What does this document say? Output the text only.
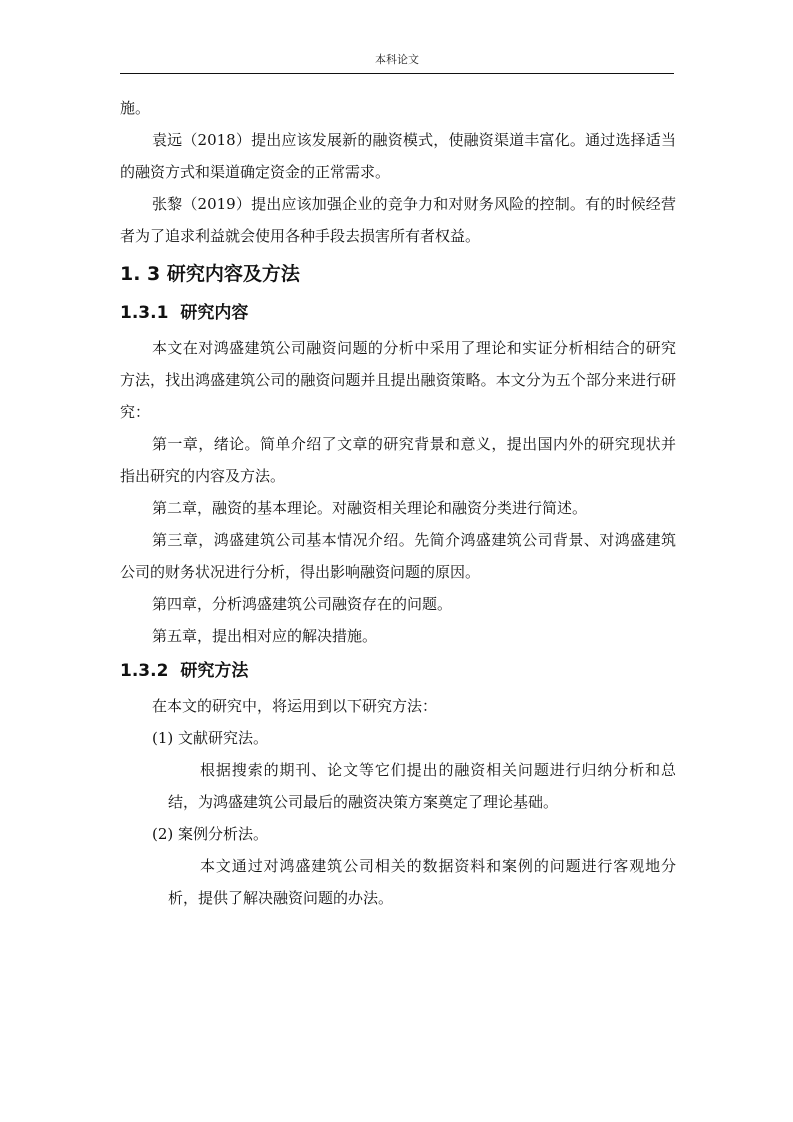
本科论文

施。

袁远（2018）提出应该发展新的融资模式，使融资渠道丰富化。通过选择适当的融资方式和渠道确定资金的正常需求。

张黎（2019）提出应该加强企业的竞争力和对财务风险的控制。有的时候经营者为了追求利益就会使用各种手段去损害所有者权益。

1. 3 研究内容及方法
1.3.1 研究内容

本文在对鸿盛建筑公司融资问题的分析中采用了理论和实证分析相结合的研究方法，找出鸿盛建筑公司的融资问题并且提出融资策略。本文分为五个部分来进行研究：

第一章，绪论。简单介绍了文章的研究背景和意义，提出国内外的研究现状并指出研究的内容及方法。

第二章，融资的基本理论。对融资相关理论和融资分类进行简述。

第三章，鸿盛建筑公司基本情况介绍。先简介鸿盛建筑公司背景、对鸿盛建筑公司的财务状况进行分析，得出影响融资问题的原因。

第四章，分析鸿盛建筑公司融资存在的问题。

第五章，提出相对应的解决措施。

1.3.2 研究方法

在本文的研究中，将运用到以下研究方法：

(1) 文献研究法。

根据搜索的期刊、论文等它们提出的融资相关问题进行归纳分析和总结，为鸿盛建筑公司最后的融资决策方案奠定了理论基础。

(2) 案例分析法。

本文通过对鸿盛建筑公司相关的数据资料和案例的问题进行客观地分析，提供了解决融资问题的办法。
